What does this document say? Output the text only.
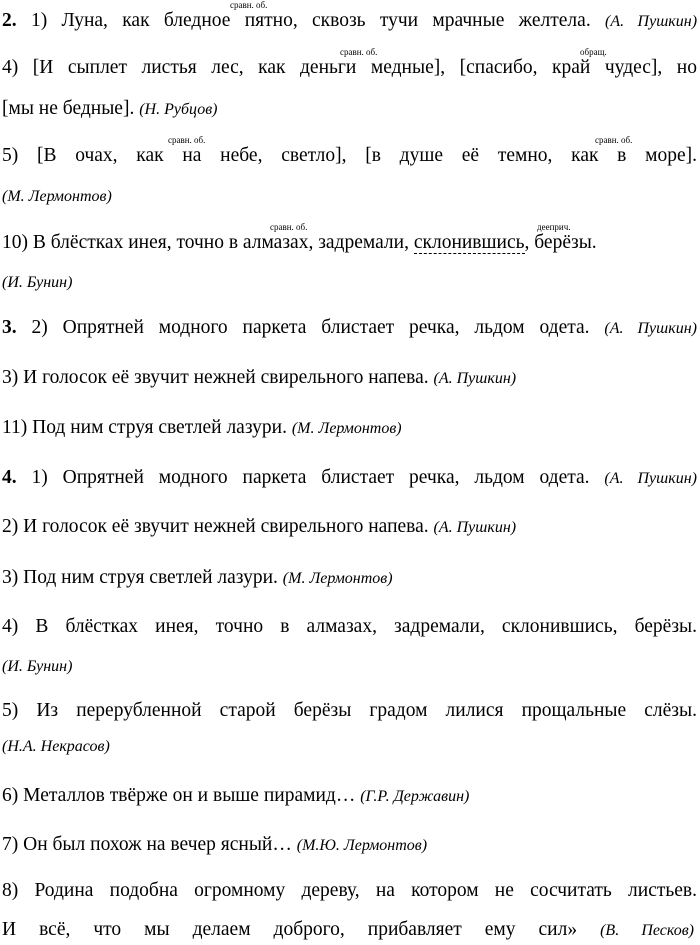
сравн. об.
2. 1) Луна, как бледное пятно, сквозь тучи мрачные желтела. (А. Пушкин)
сравн. об.	обращ.
4) [И сыплет листья лес, как деньги медные], [спасибо, край чудес], но
[мы не бедные]. (Н. Рубцов)
сравн. об.	сравн. об.
5) [В очах, как на небе, светло], [в душе её темно, как в море].
(М. Лермонтов)
сравн. об.	дееприч.
10) В блёстках инея, точно в алмазах, задремали, склонившись, берёзы.
(И. Бунин)
3. 2) Опрятней модного паркета блистает речка, льдом одета. (А. Пушкин)
3) И голосок её звучит нежней свирельного напева. (А. Пушкин)
11) Под ним струя светлей лазури. (М. Лермонтов)
4. 1) Опрятней модного паркета блистает речка, льдом одета. (А. Пушкин)
2) И голосок её звучит нежней свирельного напева. (А. Пушкин)
3) Под ним струя светлей лазури. (М. Лермонтов)
4) В блёстках инея, точно в алмазах, задремали, склонившись, берёзы.
(И. Бунин)
5) Из перерубленной старой берёзы градом лилися прощальные слёзы.
(Н.А. Некрасов)
6) Металлов твёрже он и выше пирамид… (Г.Р. Державин)
7) Он был похож на вечер ясный… (М.Ю. Лермонтов)
8) Родина подобна огромному дереву, на котором не сосчитать листьев.
И всё, что мы делаем доброго, прибавляет ему сил» (В. Песков)
